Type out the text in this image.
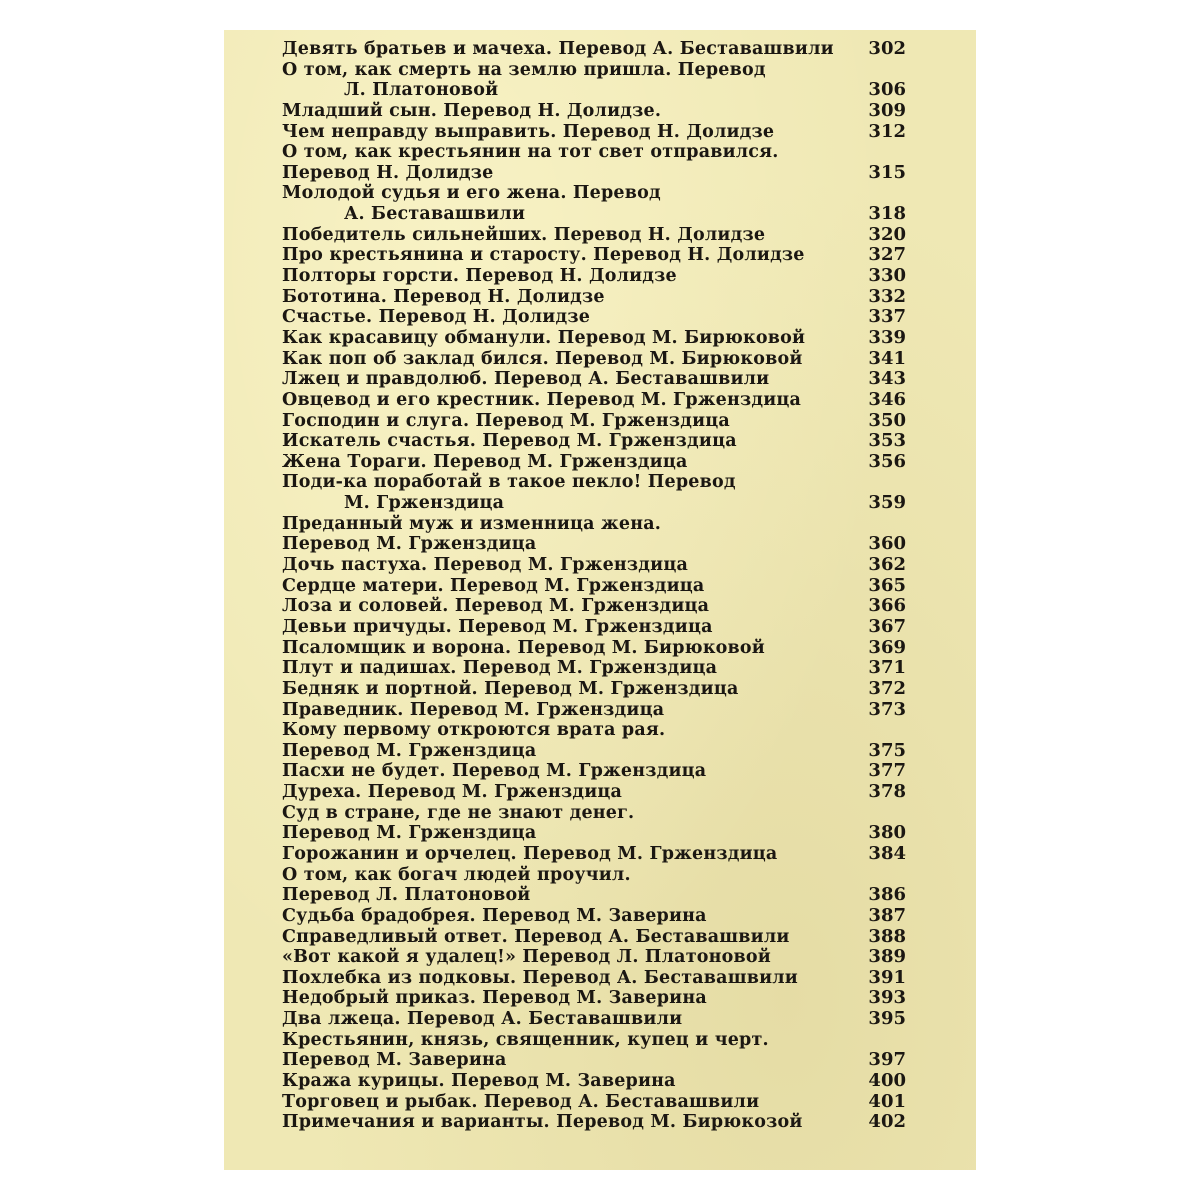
Девять братьев и мачеха. Перевод А. Беставашвили 302
О том, как смерть на землю пришла. Перевод
Л. Платоновой	306
Младший сын. Перевод Н. Долидзе.	309
Чем неправду выправить. Перевод Н. Долидзе	312
О том, как крестьянин на тот свет отправился.
Перевод Н. Долидзе	315
Молодой судья и его жена. Перевод
А. Беставашвили	318
Победитель сильнейших. Перевод Н. Долидзе	320
Про крестьянина и старосту. Перевод Н. Долидзе	327
Полторы горсти. Перевод Н. Долидзе	330
Бототина. Перевод Н. Долидзе	332
Счастье. Перевод Н. Долидзе	337
Как красавицу обманули. Перевод М. Бирюковой	339
Как поп об заклад бился. Перевод М. Бирюковой	341
Лжец и правдолюб. Перевод А. Беставашвили	343
Овцевод и его крестник. Перевод М. Грженздица	346
Господин и слуга. Перевод М. Грженздица	350
Искатель счастья. Перевод М. Грженздица	353
Жена Тораги. Перевод М. Грженздица	356
Поди-ка поработай в такое пекло! Перевод
М. Грженздица	359
Преданный муж и изменница жена.
Перевод М. Грженздица	360
Дочь пастуха. Перевод М. Грженздица	362
Сердце матери. Перевод М. Грженздица	365
Лоза и соловей. Перевод М. Грженздица	366
Девьи причуды. Перевод М. Грженздица	367
Псаломщик и ворона. Перевод М. Бирюковой	369
Плут и падишах. Перевод М. Грженздица	371
Бедняк и портной. Перевод М. Грженздица	372
Праведник. Перевод М. Грженздица	373
Кому первому откроются врата рая.
Перевод М. Грженздица	375
Пасхи не будет. Перевод М. Грженздица	377
Дуреха. Перевод М. Грженздица	378
Суд в стране, где не знают денег.
Перевод М. Грженздица	380
Горожанин и орчелец. Перевод М. Грженздица	384
О том, как богач людей проучил.
Перевод Л. Платоновой	386
Судьба брадобрея. Перевод М. Заверина	387
Справедливый ответ. Перевод А. Беставашвили	388
«Вот какой я удалец!» Перевод Л. Платоновой	389
Похлебка из подковы. Перевод А. Беставашвили	391
Недобрый приказ. Перевод М. Заверина	393
Два лжеца. Перевод А. Беставашвили	395
Крестьянин, князь, священник, купец и черт.
Перевод М. Заверина	397
Кража курицы. Перевод М. Заверина	400
Торговец и рыбак. Перевод А. Беставашвили	401
Примечания и варианты. Перевод М. Бирюкозой	402
